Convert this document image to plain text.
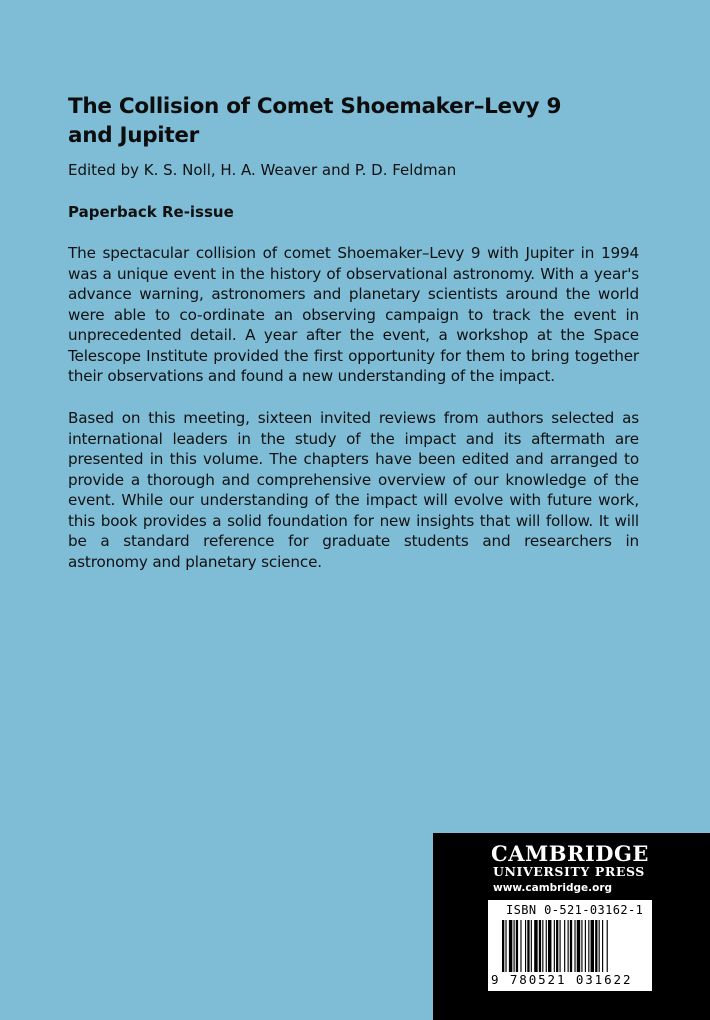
The Collision of Comet Shoemaker–Levy 9
and Jupiter
Edited by K. S. Noll, H. A. Weaver and P. D. Feldman
Paperback Re-issue

The spectacular collision of comet Shoemaker–Levy 9 with Jupiter in 1994 was a unique event in the history of observational astronomy. With a year's advance warning, astronomers and planetary scientists around the world were able to co-ordinate an observing campaign to track the event in unprecedented detail. A year after the event, a workshop at the Space Telescope Institute provided the first opportunity for them to bring together their observations and found a new understanding of the impact.

Based on this meeting, sixteen invited reviews from authors selected as international leaders in the study of the impact and its aftermath are presented in this volume. The chapters have been edited and arranged to provide a thorough and comprehensive overview of our knowledge of the event. While our understanding of the impact will evolve with future work, this book provides a solid foundation for new insights that will follow. It will be a standard reference for graduate students and researchers in astronomy and planetary science.

CAMBRIDGE
UNIVERSITY PRESS
www.cambridge.org
ISBN 0-521-03162-1
9 780521 031622 >
